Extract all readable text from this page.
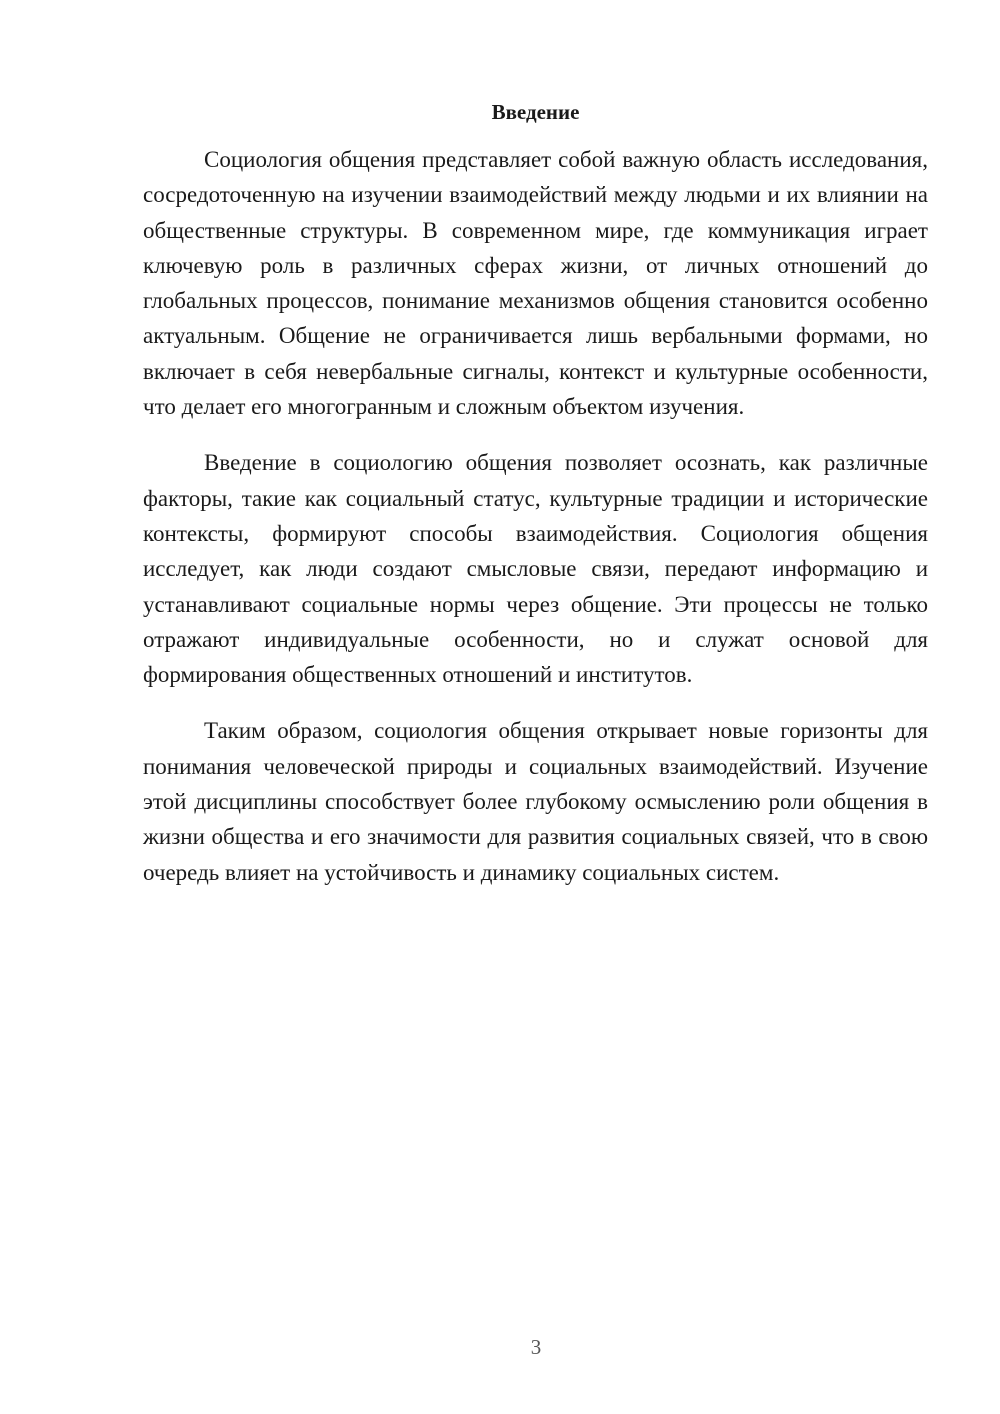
Введение

Социология общения представляет собой важную область исследования, сосредоточенную на изучении взаимодействий между людьми и их влиянии на общественные структуры. В современном мире, где коммуникация играет ключевую роль в различных сферах жизни, от личных отношений до глобальных процессов, понимание механизмов общения становится особенно актуальным. Общение не ограничивается лишь вербальными формами, но включает в себя невербальные сигналы, контекст и культурные особенности, что делает его многогранным и сложным объектом изучения.

Введение в социологию общения позволяет осознать, как различные факторы, такие как социальный статус, культурные традиции и исторические контексты, формируют способы взаимодействия. Социология общения исследует, как люди создают смысловые связи, передают информацию и устанавливают социальные нормы через общение. Эти процессы не только отражают индивидуальные особенности, но и служат основой для формирования общественных отношений и институтов.

Таким образом, социология общения открывает новые горизонты для понимания человеческой природы и социальных взаимодействий. Изучение этой дисциплины способствует более глубокому осмыслению роли общения в жизни общества и его значимости для развития социальных связей, что в свою очередь влияет на устойчивость и динамику социальных систем.

3
